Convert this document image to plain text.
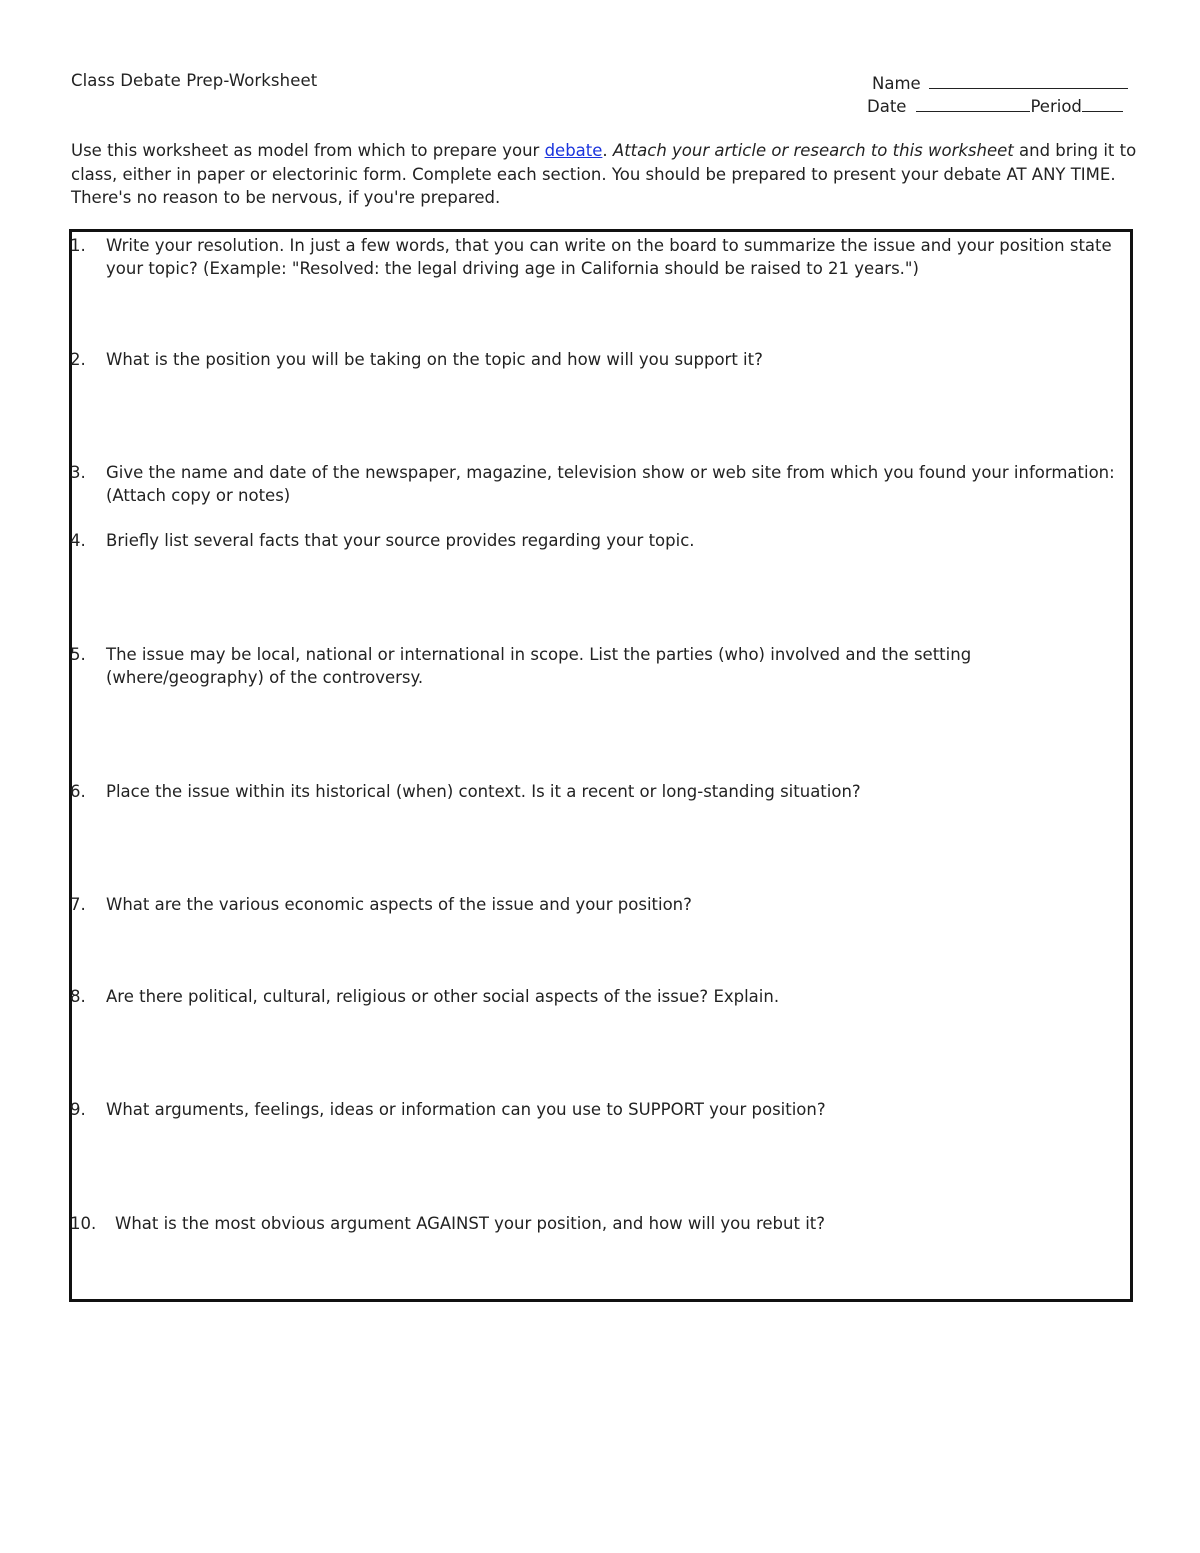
Class Debate Prep-Worksheet	Name
Date	Period
Use this worksheet as model from which to prepare your debate. Attach your article or research to this worksheet and bring it to class, either in paper or electorinic form. Complete each section. You should be prepared to present your debate AT ANY TIME. There's no reason to be nervous, if you're prepared.
1.	Write your resolution. In just a few words, that you can write on the board to summarize the issue and your position state your topic? (Example: "Resolved: the legal driving age in California should be raised to 21 years.")
2.	What is the position you will be taking on the topic and how will you support it?
3.	Give the name and date of the newspaper, magazine, television show or web site from which you found your information: (Attach copy or notes)
4.	Briefly list several facts that your source provides regarding your topic.
5.	The issue may be local, national or international in scope. List the parties (who) involved and the setting (where/geography) of the controversy.
6.	Place the issue within its historical (when) context. Is it a recent or long-standing situation?
7.	What are the various economic aspects of the issue and your position?
8.	Are there political, cultural, religious or other social aspects of the issue? Explain.
9.	What arguments, feelings, ideas or information can you use to SUPPORT your position?
10.	What is the most obvious argument AGAINST your position, and how will you rebut it?
